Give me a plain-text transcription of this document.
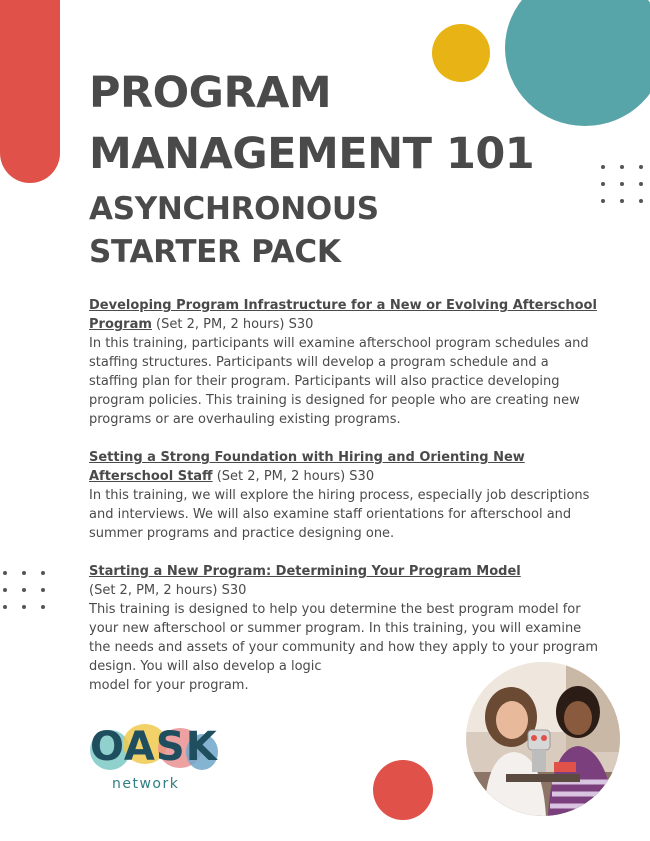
PROGRAM
MANAGEMENT 101
ASYNCHRONOUS
STARTER PACK

Developing Program Infrastructure for a New or Evolving Afterschool Program (Set 2, PM, 2 hours) S30

In this training, participants will examine afterschool program schedules and staffing structures. Participants will develop a program schedule and a staffing plan for their program. Participants will also practice developing program policies. This training is designed for people who are creating new programs or are overhauling existing programs.

Setting a Strong Foundation with Hiring and Orienting New Afterschool Staff (Set 2, PM, 2 hours) S30

In this training, we will explore the hiring process, especially job descriptions and interviews. We will also examine staff orientations for afterschool and summer programs and practice designing one.

Starting a New Program: Determining Your Program Model

(Set 2, PM, 2 hours) S30

This training is designed to help you determine the best program model for your new afterschool or summer program. In this training, you will examine the needs and assets of your community and how they apply to your program design. You will also develop a logic

model for your program.

OASK
network
